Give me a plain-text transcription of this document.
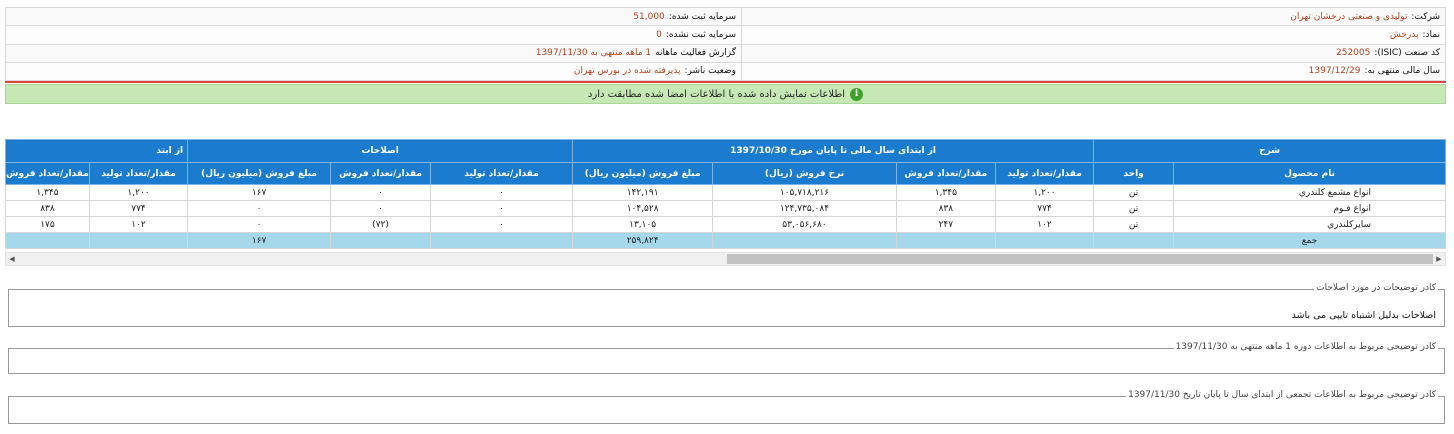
سرمایه ثبت شده:
51,000
سرمایه ثبت نشده:
0
گزارش فعالیت ماهانه
1 ماهه منتهی به 1397/11/30
وضعیت ناشر:
پذیرفته شده در بورس تهران
شرکت:
تولیدی و صنعتی درخشان تهران
نماد:
پدرخش
کد صنعت (ISIC):
252005
سال مالی منتهی به:
1397/12/29
اطلاعات نمایش داده شده با اطلاعات امضا شده مطابقت دارد	i
شرح		از ابتدای سال مالی تا پایان مورخ 1397/10/30				اصلاحات			از ابتد	
نام محصول	واحد	مقدار/تعداد تولید	مقدار/تعداد فروش	نرخ فروش (ریال)	مبلغ فروش (میلیون ریال)	مقدار/تعداد تولید	مقدار/تعداد فروش	مبلغ فروش (میلیون ریال)	مقدار/تعداد تولید	مقدار/تعداد فروش
انواع مشمع کلندري	تن	۱,۲۰۰	۱,۳۴۵	۱۰۵,۷۱۸,۲۱۶	۱۴۲,۱۹۱	۰	۰	۱۶۷	۱,۲۰۰	۱,۳۴۵
انواع فـوم	تن	۷۷۴	۸۳۸	۱۲۴,۷۳۵,۰۸۴	۱۰۴,۵۲۸	۰	۰	۰	۷۷۴	۸۳۸
سایرکلندري	تن	۱۰۲	۲۴۷	۵۳,۰۵۶,۶۸۰	۱۳,۱۰۵	۰	(۷۲)	۰	۱۰۲	۱۷۵
جمع					۲۵۹,۸۲۴			۱۶۷		
◀	▶
کادر توضیحات در مورد اصلاحات
اصلاحات بدلیل اشتباه تایپی می باشد
کادر توضیحی مربوط به اطلاعات دوره 1 ماهه منتهی به 1397/11/30
کادر توضیحی مربوط به اطلاعات تجمعی از ابتدای سال تا پایان تاریخ 1397/11/30
